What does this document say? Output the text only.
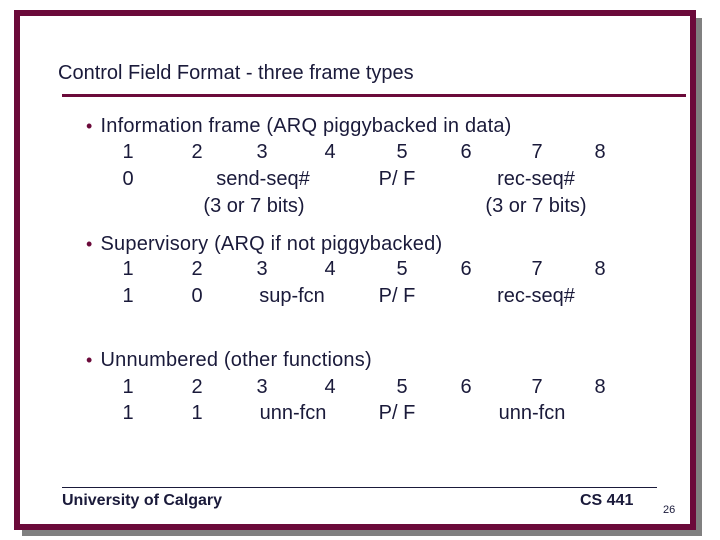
Control Field Format - three frame types
• Information frame (ARQ piggybacked in data)
1	2	3	4	5	6	7	8
0	send-seq#	P/ F	rec-seq#
(3 or 7 bits)	(3 or 7 bits)
• Supervisory (ARQ if not piggybacked)
1	2	3	4	5	6	7	8
1	0	sup-fcn	P/ F	rec-seq#
• Unnumbered (other functions)
1	2	3	4	5	6	7	8
1	1	unn-fcn	P/ F	unn-fcn
University of Calgary	CS 441
26
